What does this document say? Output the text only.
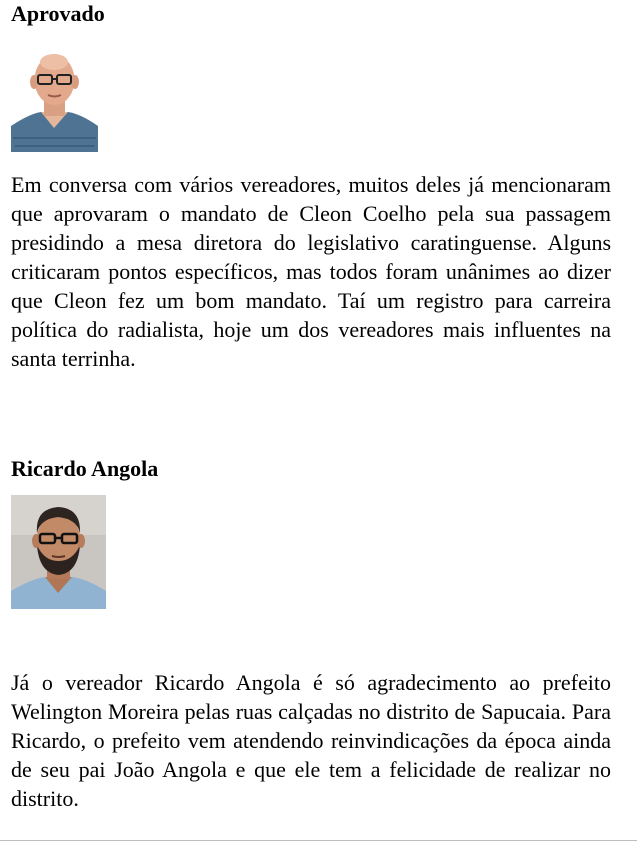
Aprovado

Em conversa com vários vereadores, muitos deles já mencionaram que aprovaram o mandato de Cleon Coelho pela sua passagem presidindo a mesa diretora do legislativo caratinguense. Alguns criticaram pontos específicos, mas todos foram unânimes ao dizer que Cleon fez um bom mandato. Taí um registro para carreira política do radialista, hoje um dos vereadores mais influentes na santa terrinha.

Ricardo Angola

Já o vereador Ricardo Angola é só agradecimento ao prefeito Welington Moreira pelas ruas calçadas no distrito de Sapucaia. Para Ricardo, o prefeito vem atendendo reinvindicações da época ainda de seu pai João Angola e que ele tem a felicidade de realizar no distrito.
